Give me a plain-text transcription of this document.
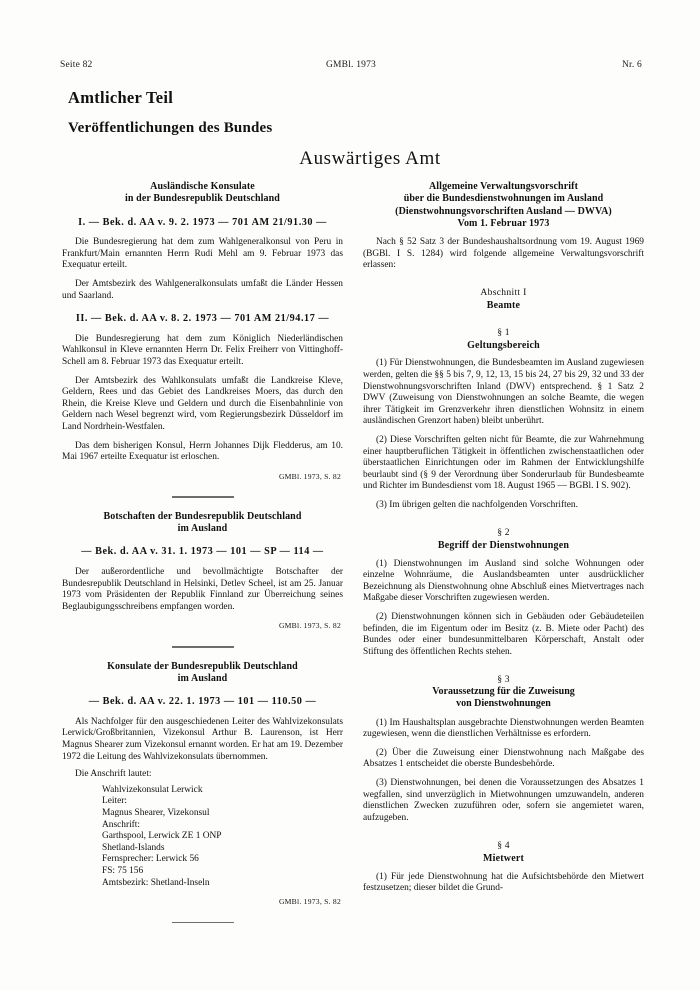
Seite 82	GMBl. 1973	Nr. 6
Amtlicher Teil
Veröffentlichungen des Bundes
Auswärtiges Amt
Ausländische Konsulate
in der Bundesrepublik Deutschland
I. — Bek. d. AA v. 9. 2. 1973 — 701 AM 21/91.30 —

Die Bundesregierung hat dem zum Wahlgeneralkonsul von Peru in Frankfurt/Main ernannten Herrn Rudi Mehl am 9. Februar 1973 das Exequatur erteilt.

Der Amtsbezirk des Wahlgeneralkonsulats umfaßt die Länder Hessen und Saarland.

II. — Bek. d. AA v. 8. 2. 1973 — 701 AM 21/94.17 —

Die Bundesregierung hat dem zum Königlich Niederländischen Wahlkonsul in Kleve ernannten Herrn Dr. Felix Freiherr von Vittinghoff-Schell am 8. Februar 1973 das Exequatur erteilt.

Der Amtsbezirk des Wahlkonsulats umfaßt die Landkreise Kleve, Geldern, Rees und das Gebiet des Landkreises Moers, das durch den Rhein, die Kreise Kleve und Geldern und durch die Eisenbahnlinie von Geldern nach Wesel begrenzt wird, vom Regierungsbezirk Düsseldorf im Land Nordrhein-Westfalen.

Das dem bisherigen Konsul, Herrn Johannes Dijk Fledderus, am 10. Mai 1967 erteilte Exequatur ist erloschen.

GMBl. 1973, S. 82
Botschaften der Bundesrepublik Deutschland
im Ausland
— Bek. d. AA v. 31. 1. 1973 — 101 — SP — 114 —

Der außerordentliche und bevollmächtigte Botschafter der Bundesrepublik Deutschland in Helsinki, Detlev Scheel, ist am 25. Januar 1973 vom Präsidenten der Republik Finnland zur Überreichung seines Beglaubigungsschreibens empfangen worden.

GMBl. 1973, S. 82
Konsulate der Bundesrepublik Deutschland
im Ausland
— Bek. d. AA v. 22. 1. 1973 — 101 — 110.50 —

Als Nachfolger für den ausgeschiedenen Leiter des Wahlvizekonsulats Lerwick/Großbritannien, Vizekonsul Arthur B. Laurenson, ist Herr Magnus Shearer zum Vizekonsul ernannt worden. Er hat am 19. Dezember 1972 die Leitung des Wahlvizekonsulats übernommen.

Die Anschrift lautet:

Wahlvizekonsulat Lerwick
Leiter:
Magnus Shearer, Vizekonsul
Anschrift:
Garthspool, Lerwick ZE 1 ONP
Shetland-Islands
Fernsprecher: Lerwick 56
FS: 75 156
Amtsbezirk: Shetland-Inseln
GMBl. 1973, S. 82
Allgemeine Verwaltungsvorschrift
über die Bundesdienstwohnungen im Ausland
(Dienstwohnungsvorschriften Ausland — DWVA)
Vom 1. Februar 1973

Nach § 52 Satz 3 der Bundeshaushaltsordnung vom 19. August 1969 (BGBl. I S. 1284) wird folgende allgemeine Verwaltungsvorschrift erlassen:

Abschnitt I
Beamte
§ 1
Geltungsbereich

(1) Für Dienstwohnungen, die Bundesbeamten im Ausland zugewiesen werden, gelten die §§ 5 bis 7, 9, 12, 13, 15 bis 24, 27 bis 29, 32 und 33 der Dienstwohnungsvorschriften Inland (DWV) entsprechend. § 1 Satz 2 DWV (Zuweisung von Dienstwohnungen an solche Beamte, die wegen ihrer Tätigkeit im Grenzverkehr ihren dienstlichen Wohnsitz in einem ausländischen Grenzort haben) bleibt unberührt.

(2) Diese Vorschriften gelten nicht für Beamte, die zur Wahrnehmung einer hauptberuflichen Tätigkeit in öffentlichen zwischenstaatlichen oder überstaatlichen Einrichtungen oder im Rahmen der Entwicklungshilfe beurlaubt sind (§ 9 der Verordnung über Sonderurlaub für Bundesbeamte und Richter im Bundesdienst vom 18. August 1965 — BGBl. I S. 902).

(3) Im übrigen gelten die nachfolgenden Vorschriften.

§ 2
Begriff der Dienstwohnungen

(1) Dienstwohnungen im Ausland sind solche Wohnungen oder einzelne Wohnräume, die Auslandsbeamten unter ausdrücklicher Bezeichnung als Dienstwohnung ohne Abschluß eines Mietvertrages nach Maßgabe dieser Vorschriften zugewiesen werden.

(2) Dienstwohnungen können sich in Gebäuden oder Gebäudeteilen befinden, die im Eigentum oder im Besitz (z. B. Miete oder Pacht) des Bundes oder einer bundesunmittelbaren Körperschaft, Anstalt oder Stiftung des öffentlichen Rechts stehen.

§ 3
Voraussetzung für die Zuweisung
von Dienstwohnungen

(1) Im Haushaltsplan ausgebrachte Dienstwohnungen werden Beamten zugewiesen, wenn die dienstlichen Verhältnisse es erfordern.

(2) Über die Zuweisung einer Dienstwohnung nach Maßgabe des Absatzes 1 entscheidet die oberste Bundesbehörde.

(3) Dienstwohnungen, bei denen die Voraussetzungen des Absatzes 1 wegfallen, sind unverzüglich in Mietwohnungen umzuwandeln, anderen dienstlichen Zwecken zuzuführen oder, sofern sie angemietet waren, aufzugeben.

§ 4
Mietwert

(1) Für jede Dienstwohnung hat die Aufsichtsbehörde den Mietwert festzusetzen; dieser bildet die Grund-
